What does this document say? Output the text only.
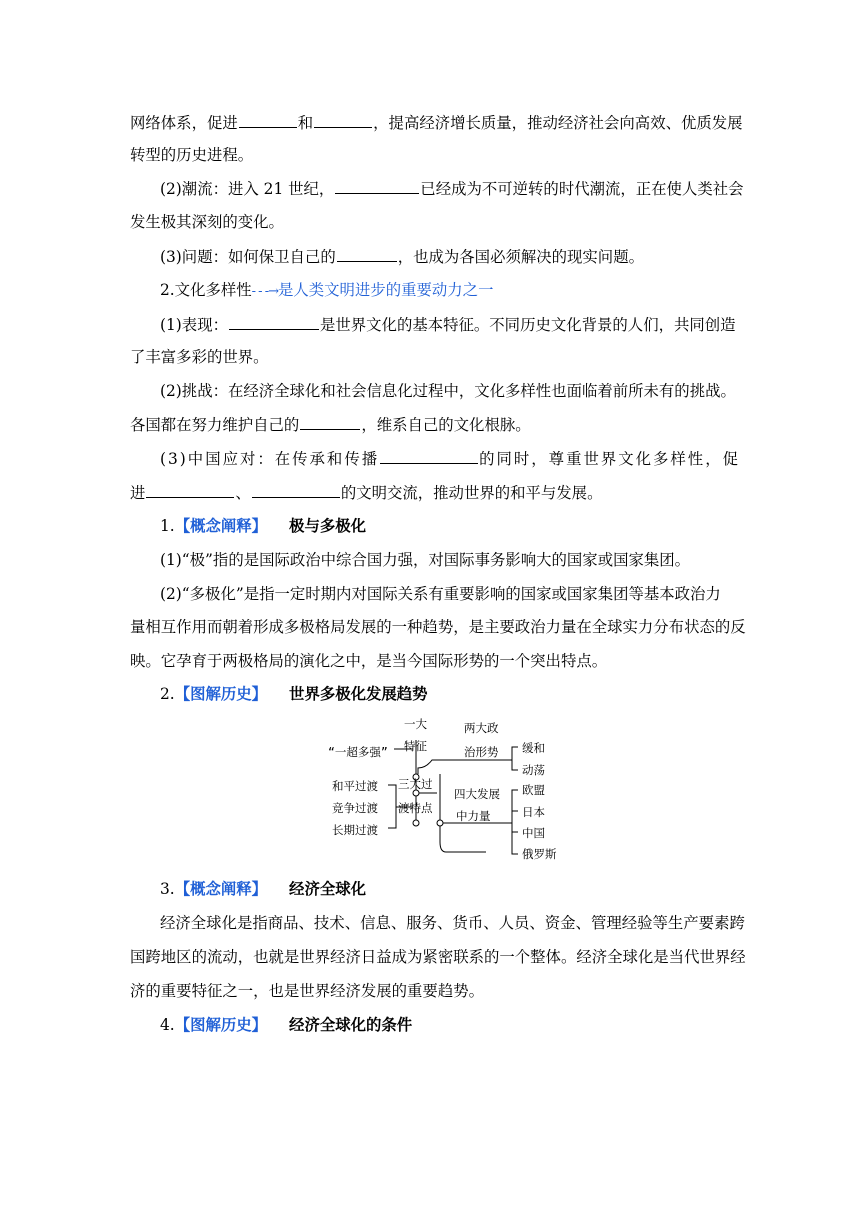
网络体系，促进	和	，提高经济增长质量，推动经济社会向高效、优质发展
转型的历史进程。
(2)潮流：进入 21 世纪，	已经成为不可逆转的时代潮流，正在使人类社会
发生极其深刻的变化。
(3)问题：如何保卫自己的	，也成为各国必须解决的现实问题。
2.文化多样性- - -→是人类文明进步的重要动力之一
(1)表现：	是世界文化的基本特征。不同历史文化背景的人们，共同创造
了丰富多彩的世界。
(2)挑战：在经济全球化和社会信息化过程中，文化多样性也面临着前所未有的挑战。
各国都在努力维护自己的	，维系自己的文化根脉。
(3)中国应对：在传承和传播	的同时，尊重世界文化多样性，促
进	、	的文明交流，推动世界的和平与发展。
1.【概念阐释】 极与多极化
(1)“极”指的是国际政治中综合国力强，对国际事务影响大的国家或国家集团。
(2)“多极化”是指一定时期内对国际关系有重要影响的国家或国家集团等基本政治力
量相互作用而朝着形成多极格局发展的一种趋势，是主要政治力量在全球实力分布状态的反
映。它孕育于两极格局的演化之中，是当今国际形势的一个突出特点。
2.【图解历史】 世界多极化发展趋势
一大
特征
“一超多强”
两大政
治形势 缓和
动荡
和平过渡
竞争过渡
长期过渡
三大过
渡特点
四大发展
中力量
欧盟
日本
中国
俄罗斯
3.【概念阐释】 经济全球化
经济全球化是指商品、技术、信息、服务、货币、人员、资金、管理经验等生产要素跨
国跨地区的流动，也就是世界经济日益成为紧密联系的一个整体。经济全球化是当代世界经
济的重要特征之一，也是世界经济发展的重要趋势。
4.【图解历史】 经济全球化的条件
